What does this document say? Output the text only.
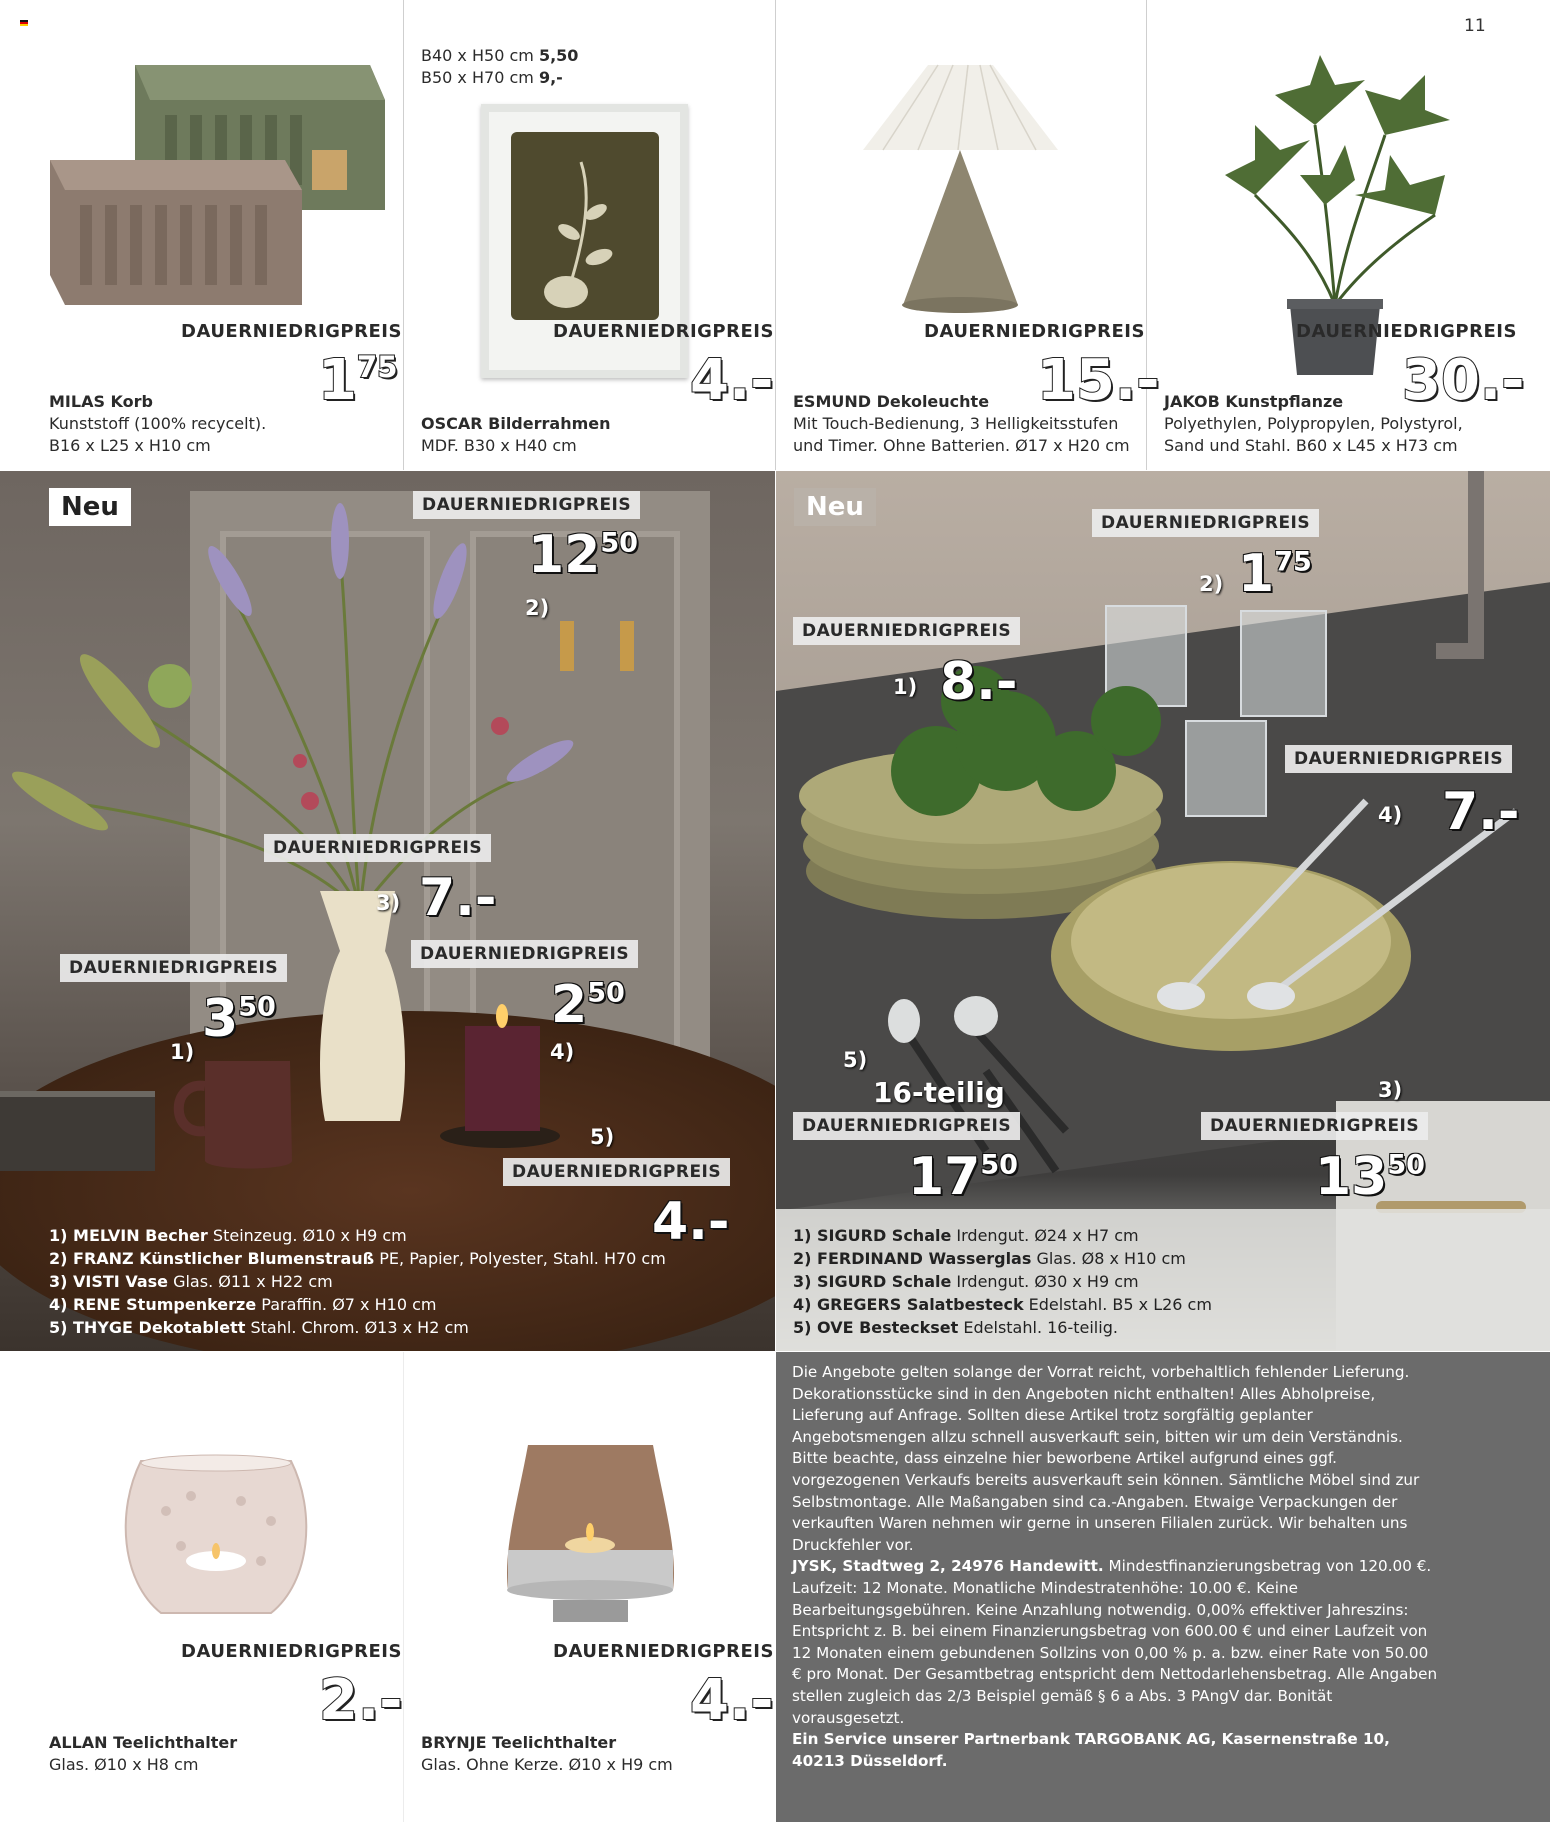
11
DAUERNIEDRIGPREIS
$1^{75}$
MILAS Korb
Kunststoff (100% recycelt).
B16 x L25 x H10 cm
B40 x H50 cm 5,50
B50 x H70 cm 9,-
DAUERNIEDRIGPREIS
4.-
OSCAR Bilderrahmen
MDF. B30 x H40 cm
DAUERNIEDRIGPREIS
15.-
ESMUND Dekoleuchte
Mit Touch-Bedienung, 3 Helligkeitsstufen
und Timer. Ohne Batterien. Ø17 x H20 cm
DAUERNIEDRIGPREIS
30.-
JAKOB Kunstpflanze
Polyethylen, Polypropylen, Polystyrol,
Sand und Stahl. B60 x L45 x H73 cm
Neu	DAUERNIEDRIGPREIS
$12^{50}$
2)
DAUERNIEDRIGPREIS
3) 7.-
DAUERNIEDRIGPREIS
$3^{50}$
1)
DAUERNIEDRIGPREIS
$2^{50}$
4)
5)
DAUERNIEDRIGPREIS
4.-
1) MELVIN Becher Steinzeug. Ø10 x H9 cm
2) FRANZ Künstlicher Blumenstrauß PE, Papier, Polyester, Stahl. H70 cm
3) VISTI Vase Glas. Ø11 x H22 cm
4) RENE Stumpenkerze Paraffin. Ø7 x H10 cm
5) THYGE Dekotablett Stahl. Chrom. Ø13 x H2 cm
Neu
DAUERNIEDRIGPREIS
2) $1^{75}$
DAUERNIEDRIGPREIS
1) 8.-
DAUERNIEDRIGPREIS
4) 7.-
5)
16-teilig
DAUERNIEDRIGPREIS
$17^{50}$
3)
DAUERNIEDRIGPREIS
$13^{50}$
1) SIGURD Schale Irdengut. Ø24 x H7 cm
2) FERDINAND Wasserglas Glas. Ø8 x H10 cm
3) SIGURD Schale Irdengut. Ø30 x H9 cm
4) GREGERS Salatbesteck Edelstahl. B5 x L26 cm
5) OVE Besteckset Edelstahl. 16-teilig.
DAUERNIEDRIGPREIS
2.-
ALLAN Teelichthalter
Glas. Ø10 x H8 cm
DAUERNIEDRIGPREIS
4.-
BRYNJE Teelichthalter
Glas. Ohne Kerze. Ø10 x H9 cm

Die Angebote gelten solange der Vorrat reicht, vorbehaltlich fehlender Lieferung. Dekorationsstücke sind in den Angeboten nicht enthalten! Alles Abholpreise, Lieferung auf Anfrage. Sollten diese Artikel trotz sorgfältig geplanter Angebotsmengen allzu schnell ausverkauft sein, bitten wir um dein Verständnis. Bitte beachte, dass einzelne hier beworbene Artikel aufgrund eines ggf. vorgezogenen Verkaufs bereits ausverkauft sein können. Sämtliche Möbel sind zur Selbstmontage. Alle Maßangaben sind ca.-Angaben. Etwaige Verpackungen der verkauften Waren nehmen wir gerne in unseren Filialen zurück. Wir behalten uns Druckfehler vor.

JYSK, Stadtweg 2, 24976 Handewitt. Mindestfinanzierungsbetrag von 120.00 €. Laufzeit: 12 Monate. Monatliche Mindestratenhöhe: 10.00 €. Keine Bearbeitungsgebühren. Keine Anzahlung notwendig. 0,00% effektiver Jahreszins: Entspricht z. B. bei einem Finanzierungsbetrag von 600.00 € und einer Laufzeit von 12 Monaten einem gebundenen Sollzins von 0,00 % p. a. bzw. einer Rate von 50.00 € pro Monat. Der Gesamtbetrag entspricht dem Nettodarlehensbetrag. Alle Angaben stellen zugleich das 2/3 Beispiel gemäß § 6 a Abs. 3 PAngV dar. Bonität vorausgesetzt.

Ein Service unserer Partnerbank TARGOBANK AG, Kasernenstraße 10, 40213 Düsseldorf.
